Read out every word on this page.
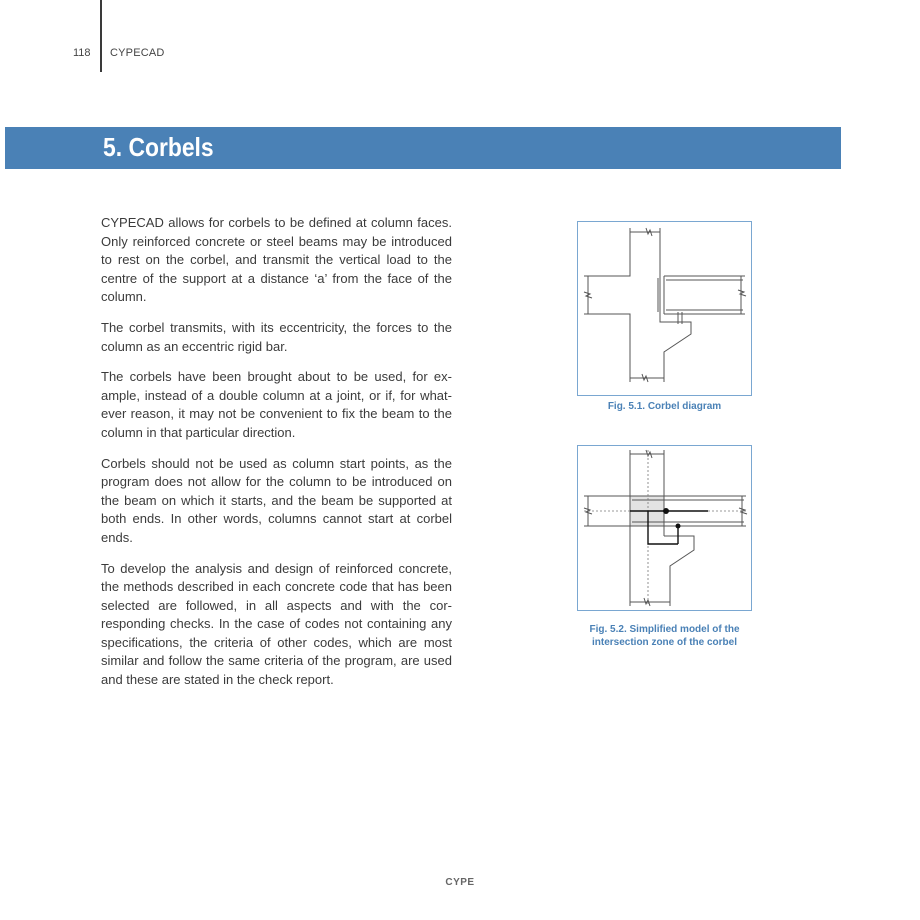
118 CYPECAD
5. Corbels

CYPECAD allows for corbels to be defined at column faces. Only reinforced concrete or steel beams may be introduced to rest on the corbel, and transmit the vertical load to the centre of the support at a distance ‘a’ from the face of the column.

The corbel transmits, with its eccentricity, the forces to the column as an eccentric rigid bar.

The corbels have been brought about to be used, for example, instead of a double column at a joint, or if, for whatever reason, it may not be convenient to fix the beam to the column in that particular direction.

Corbels should not be used as column start points, as the program does not allow for the column to be introduced on the beam on which it starts, and the beam be supported at both ends. In other words, columns cannot start at corbel ends.

To develop the analysis and design of reinforced concrete, the methods described in each concrete code that has been selected are followed, in all aspects and with the corresponding checks. In the case of codes not containing any specifications, the criteria of other codes, which are most similar and follow the same criteria of the program, are used and these are stated in the check report.

Fig. 5.1. Corbel diagram
Fig. 5.2. Simplified model of the
intersection zone of the corbel
CYPE
